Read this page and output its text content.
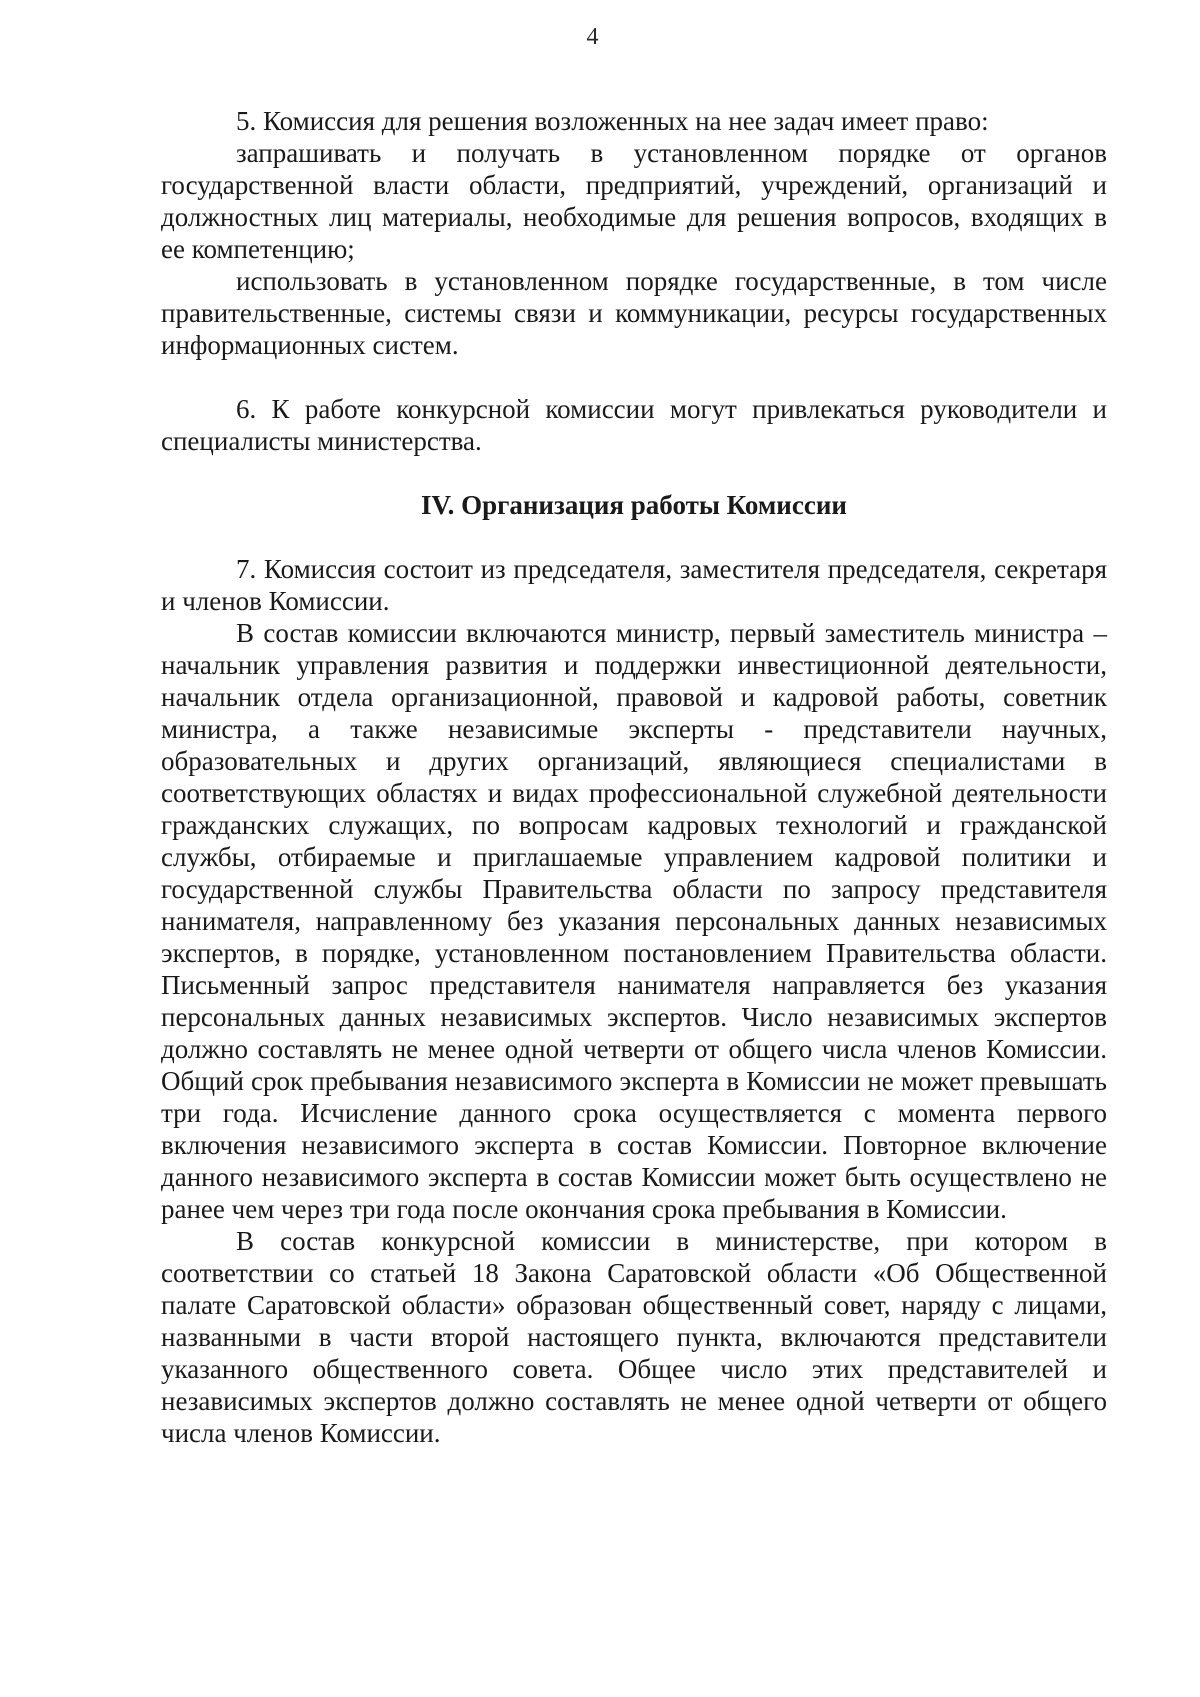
4

5. Комиссия для решения возложенных на нее задач имеет право:

запрашивать и получать в установленном порядке от органов государственной власти области, предприятий, учреждений, организаций и должностных лиц материалы, необходимые для решения вопросов, входящих в ее компетенцию;

использовать в установленном порядке государственные, в том числе правительственные, системы связи и коммуникации, ресурсы государственных информационных систем.

6. К работе конкурсной комиссии могут привлекаться руководители и специалисты министерства.

IV. Организация работы Комиссии

7. Комиссия состоит из председателя, заместителя председателя, секретаря и членов Комиссии.

В состав комиссии включаются министр, первый заместитель министра – начальник управления развития и поддержки инвестиционной деятельности, начальник отдела организационной, правовой и кадровой работы, советник министра, а также независимые эксперты - представители научных, образовательных и других организаций, являющиеся специалистами в соответствующих областях и видах профессиональной служебной деятельности гражданских служащих, по вопросам кадровых технологий и гражданской службы, отбираемые и приглашаемые управлением кадровой политики и государственной службы Правительства области по запросу представителя нанимателя, направленному без указания персональных данных независимых экспертов, в порядке, установленном постановлением Правительства области. Письменный запрос представителя нанимателя направляется без указания персональных данных независимых экспертов. Число независимых экспертов должно составлять не менее одной четверти от общего числа членов Комиссии. Общий срок пребывания независимого эксперта в Комиссии не может превышать три года. Исчисление данного срока осуществляется с момента первого включения независимого эксперта в состав Комиссии. Повторное включение данного независимого эксперта в состав Комиссии может быть осуществлено не ранее чем через три года после окончания срока пребывания в Комиссии.

В состав конкурсной комиссии в министерстве, при котором в соответствии со статьей 18 Закона Саратовской области «Об Общественной палате Саратовской области» образован общественный совет, наряду с лицами, названными в части второй настоящего пункта, включаются представители указанного общественного совета. Общее число этих представителей и независимых экспертов должно составлять не менее одной четверти от общего числа членов Комиссии.
